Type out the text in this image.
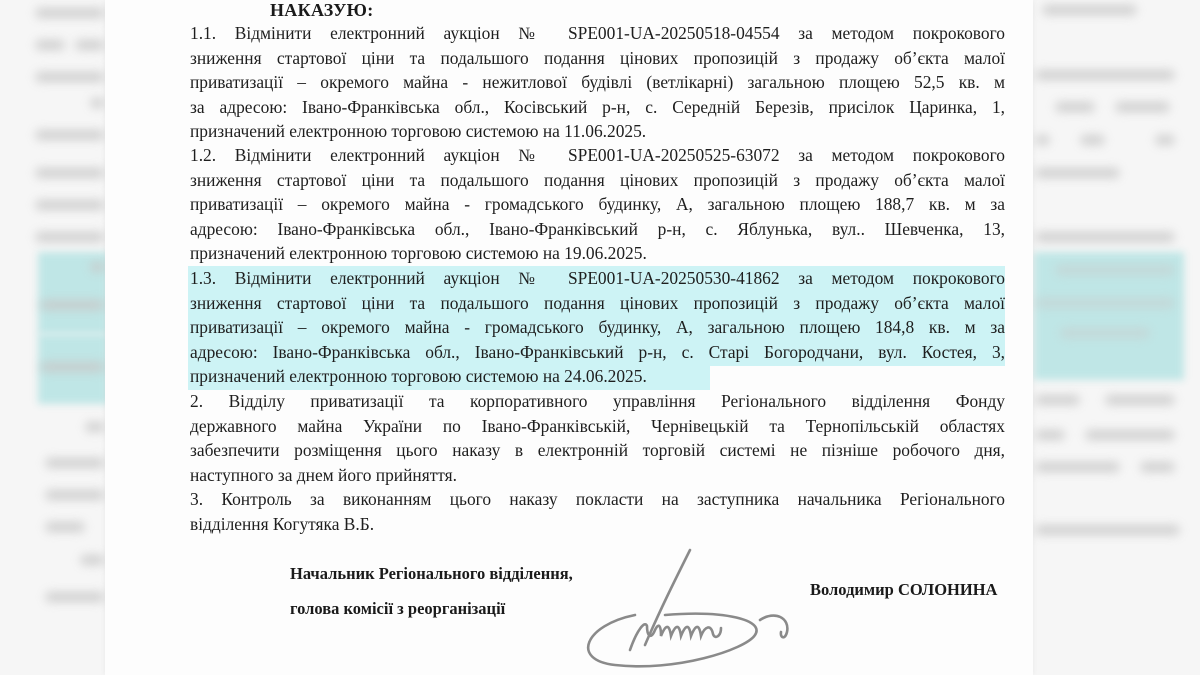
НАКАЗУЮ:
1.1. Відмінити електронний аукціон № SPE001-UA-20250518-04554 за методом покрокового
зниження стартової ціни та подальшого подання цінових пропозицій з продажу об’єкта малої
приватизації – окремого майна - нежитлової будівлі (ветлікарні) загальною площею 52,5 кв. м
за адресою: Івано-Франківська обл., Косівський р-н, с. Середній Березів, присілок Царинка, 1,
призначений електронною торговою системою на 11.06.2025.
1.2. Відмінити електронний аукціон № SPE001-UA-20250525-63072 за методом покрокового
зниження стартової ціни та подальшого подання цінових пропозицій з продажу об’єкта малої
приватизації – окремого майна - громадського будинку, А, загальною площею 188,7 кв. м за
адресою: Івано-Франківська обл., Івано-Франківський р-н, с. Яблунька, вул.. Шевченка, 13,
призначений електронною торговою системою на 19.06.2025.
1.3. Відмінити електронний аукціон № SPE001-UA-20250530-41862 за методом покрокового
зниження стартової ціни та подальшого подання цінових пропозицій з продажу об’єкта малої
приватизації – окремого майна - громадського будинку, А, загальною площею 184,8 кв. м за
адресою: Івано-Франківська обл., Івано-Франківський р-н, с. Старі Богородчани, вул. Костея, 3,
призначений електронною торговою системою на 24.06.2025.
2. Відділу приватизації та корпоративного управління Регіонального відділення Фонду
державного майна України по Івано-Франківській, Чернівецькій та Тернопільській областях
забезпечити розміщення цього наказу в електронній торговій системі не пізніше робочого дня,
наступного за днем його прийняття.
3. Контроль за виконанням цього наказу покласти на заступника начальника Регіонального
відділення Когутяка В.Б.
Начальник Регіонального відділення,
голова комісії з реорганізації
Володимир СОЛОНИНА
